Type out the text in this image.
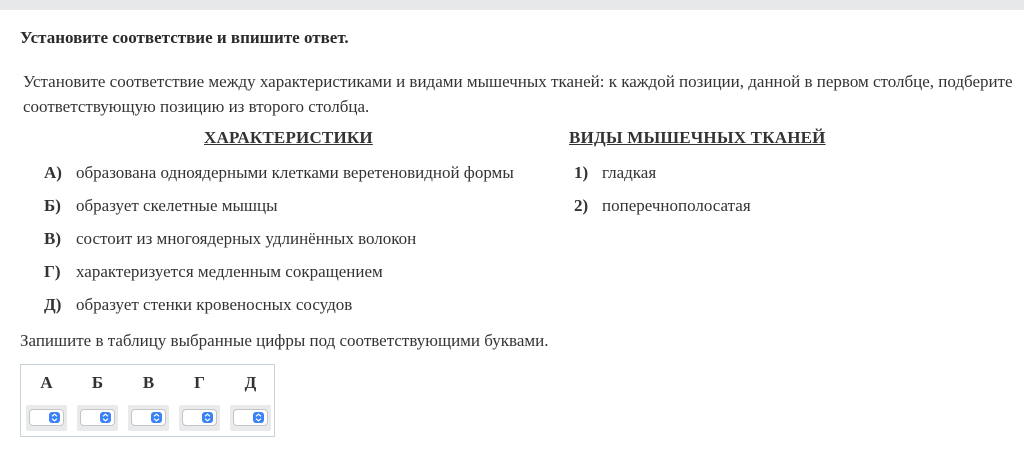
Установите соответствие и впишите ответ.
Установите соответствие между характеристиками и видами мышечных тканей: к каждой позиции, данной в первом столбце, подберите соответствующую позицию из второго столбца.
ХАРАКТЕРИСТИКИ	ВИДЫ МЫШЕЧНЫХ ТКАНЕЙ
А) образована одноядерными клетками веретеновидной формы
Б) образует скелетные мышцы
В) состоит из многоядерных удлинённых волокон
Г) характеризуется медленным сокращением
Д) образует стенки кровеносных сосудов
1) гладкая
2) поперечнополосатая
Запишите в таблицу выбранные цифры под соответствующими буквами.
А	Б	В	Г	Д
